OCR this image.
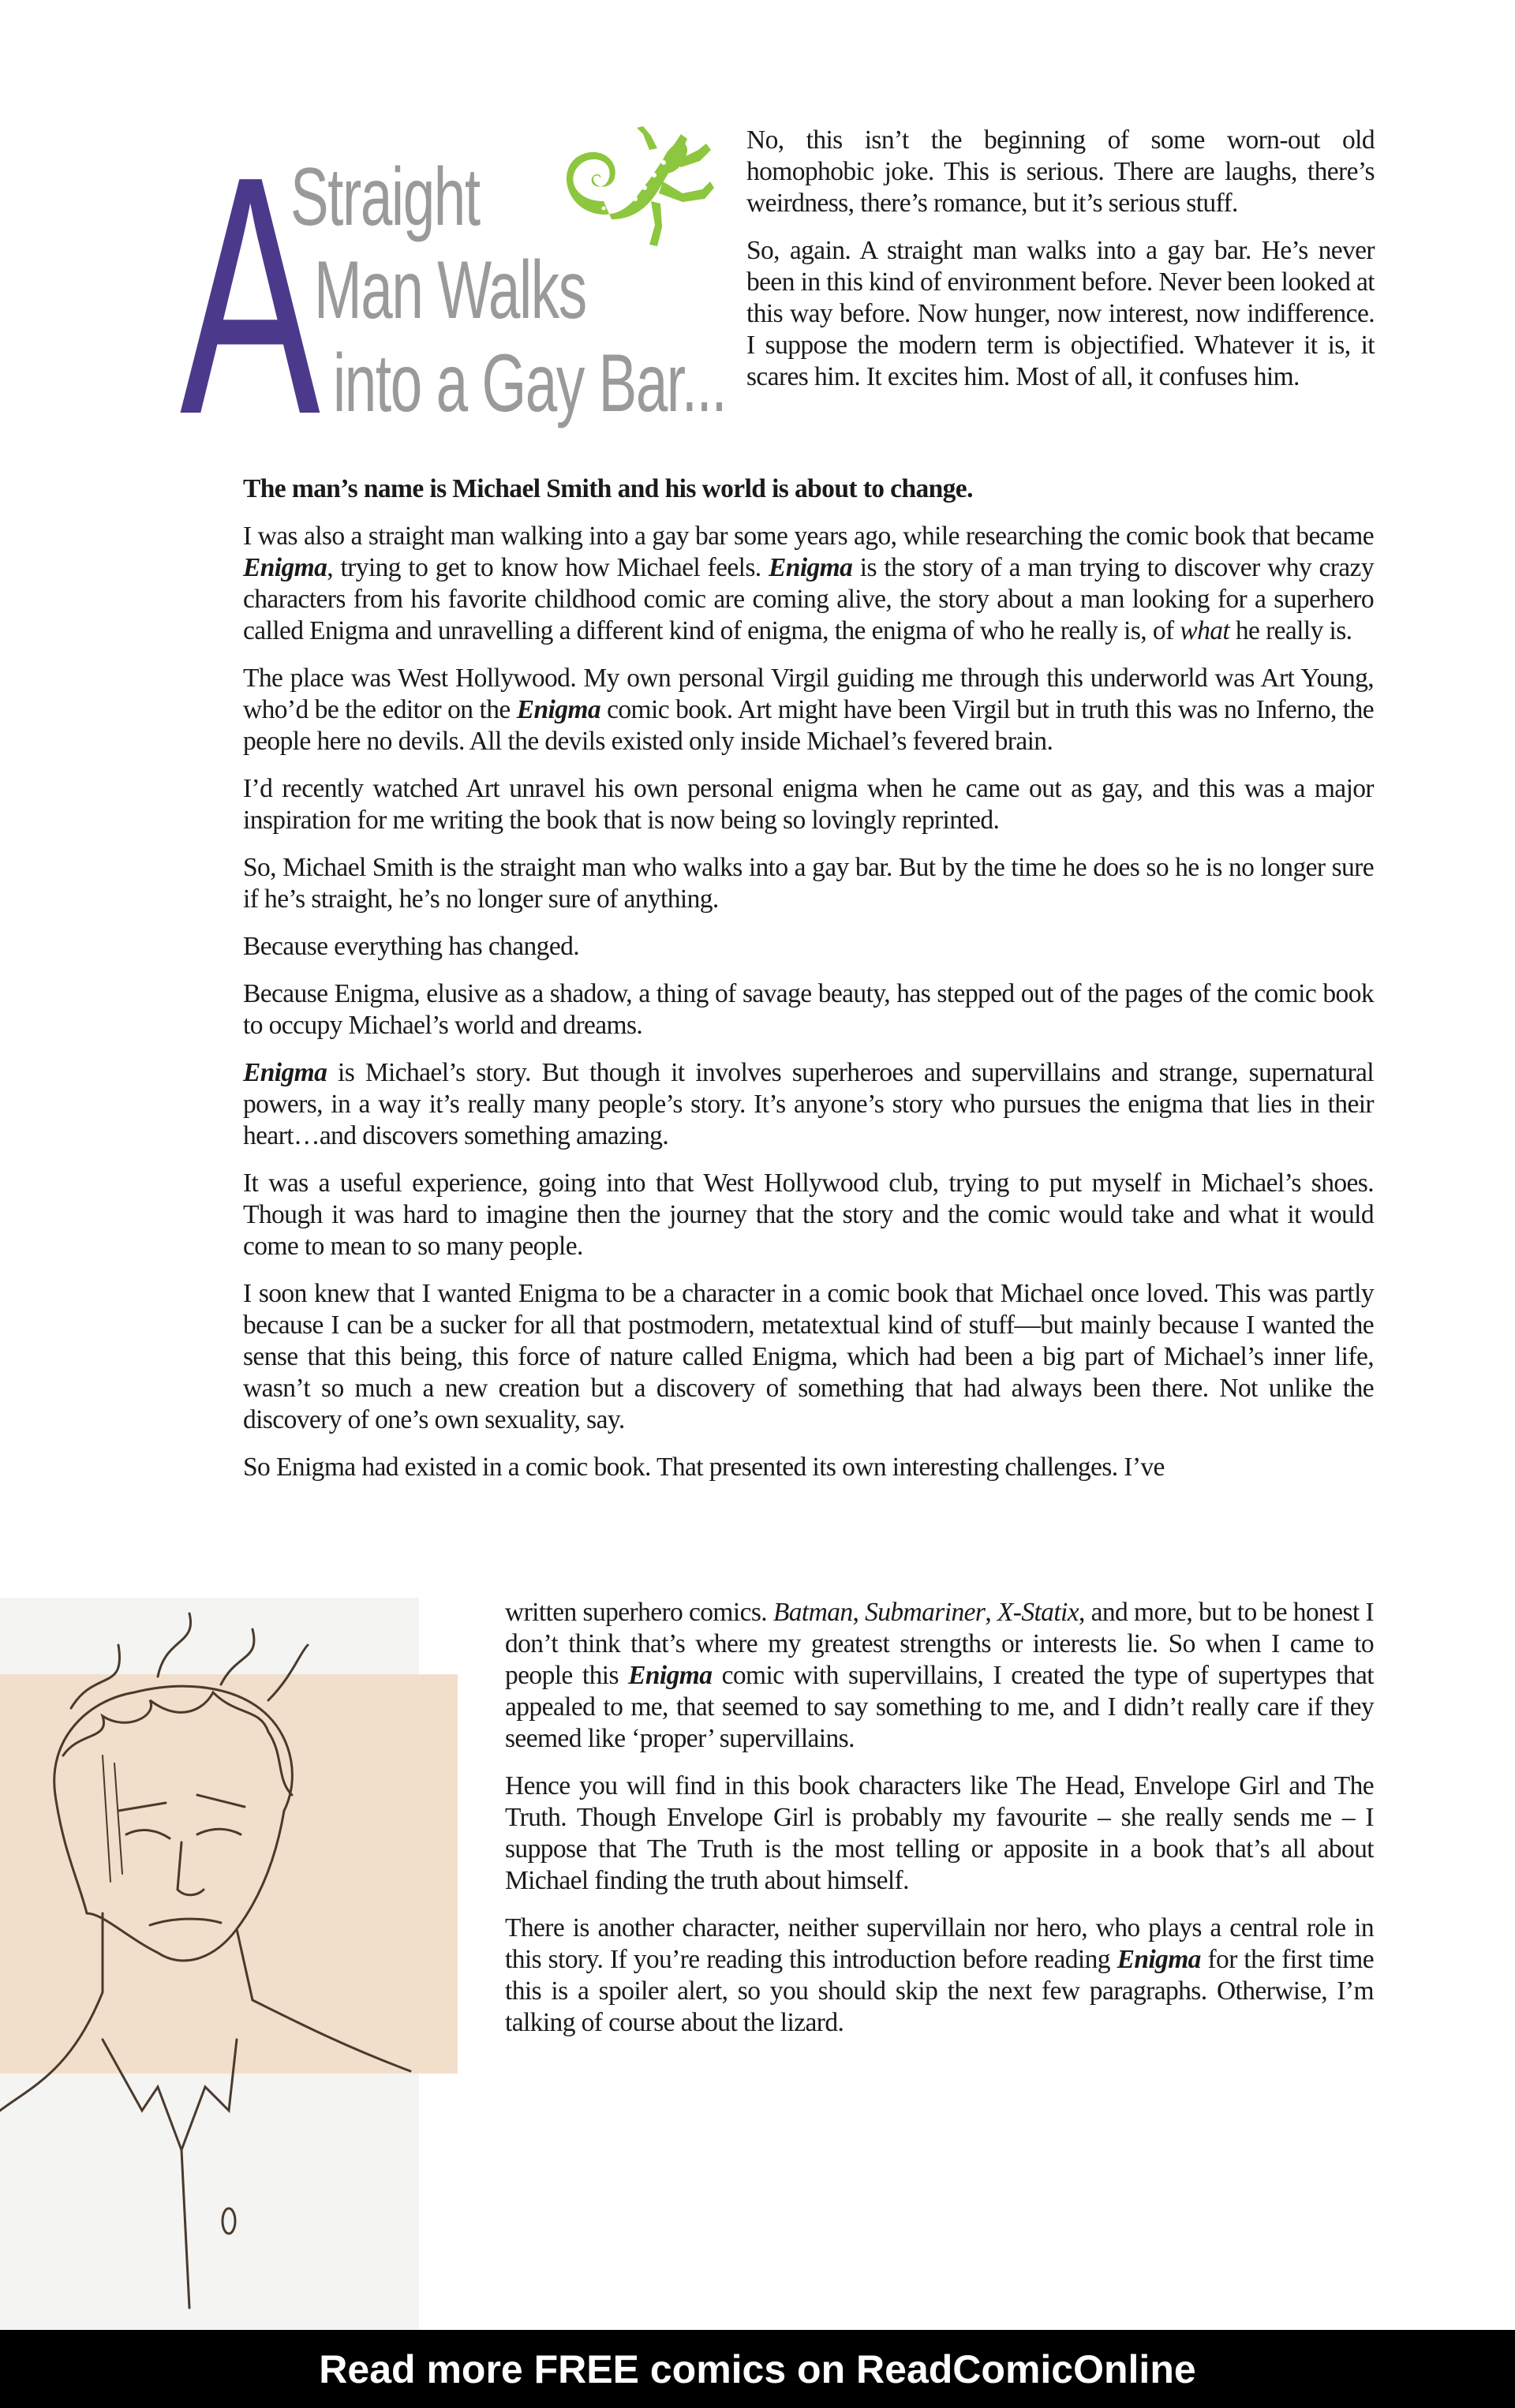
A
Straight
Man Walks
into a Gay Bar...

No, this isn’t the beginning of some worn-out old homophobic joke. This is serious. There are laughs, there’s weirdness, there’s romance, but it’s serious stuff.

So, again. A straight man walks into a gay bar. He’s never been in this kind of environment before. Never been looked at this way before. Now hunger, now interest, now indifference. I suppose the modern term is objectified. Whatever it is, it scares him. It excites him. Most of all, it confuses him.

The man’s name is Michael Smith and his world is about to change.

I was also a straight man walking into a gay bar some years ago, while researching the comic book that became Enigma, trying to get to know how Michael feels. Enigma is the story of a man trying to discover why crazy characters from his favorite childhood comic are coming alive, the story about a man looking for a superhero called Enigma and unravelling a different kind of enigma, the enigma of who he really is, of what he really is.

The place was West Hollywood. My own personal Virgil guiding me through this underworld was Art Young, who’d be the editor on the Enigma comic book. Art might have been Virgil but in truth this was no Inferno, the people here no devils. All the devils existed only inside Michael’s fevered brain.

I’d recently watched Art unravel his own personal enigma when he came out as gay, and this was a major inspiration for me writing the book that is now being so lovingly reprinted.

So, Michael Smith is the straight man who walks into a gay bar. But by the time he does so he is no longer sure if he’s straight, he’s no longer sure of anything.

Because everything has changed.

Because Enigma, elusive as a shadow, a thing of savage beauty, has stepped out of the pages of the comic book to occupy Michael’s world and dreams.

Enigma is Michael’s story. But though it involves superheroes and supervillains and strange, supernatural powers, in a way it’s really many people’s story. It’s anyone’s story who pursues the enigma that lies in their heart…and discovers something amazing.

It was a useful experience, going into that West Hollywood club, trying to put myself in Michael’s shoes. Though it was hard to imagine then the journey that the story and the comic would take and what it would come to mean to so many people.

I soon knew that I wanted Enigma to be a character in a comic book that Michael once loved. This was partly because I can be a sucker for all that postmodern, metatextual kind of stuff—but mainly because I wanted the sense that this being, this force of nature called Enigma, which had been a big part of Michael’s inner life, wasn’t so much a new creation but a discovery of something that had always been there. Not unlike the discovery of one’s own sexuality, say.

So Enigma had existed in a comic book. That presented its own interesting challenges. I’ve

written superhero comics. Batman, Submariner, X-Statix, and more, but to be honest I don’t think that’s where my greatest strengths or interests lie. So when I came to people this Enigma comic with supervillains, I created the type of supertypes that appealed to me, that seemed to say something to me, and I didn’t really care if they seemed like ‘proper’ supervillains.

Hence you will find in this book characters like The Head, Envelope Girl and The Truth. Though Envelope Girl is probably my favourite – she really sends me – I suppose that The Truth is the most telling or apposite in a book that’s all about Michael finding the truth about himself.

There is another character, neither supervillain nor hero, who plays a central role in this story. If you’re reading this introduction before reading Enigma for the first time this is a spoiler alert, so you should skip the next few paragraphs. Otherwise, I’m talking of course about the lizard.

Read more FREE comics on ReadComicOnline
